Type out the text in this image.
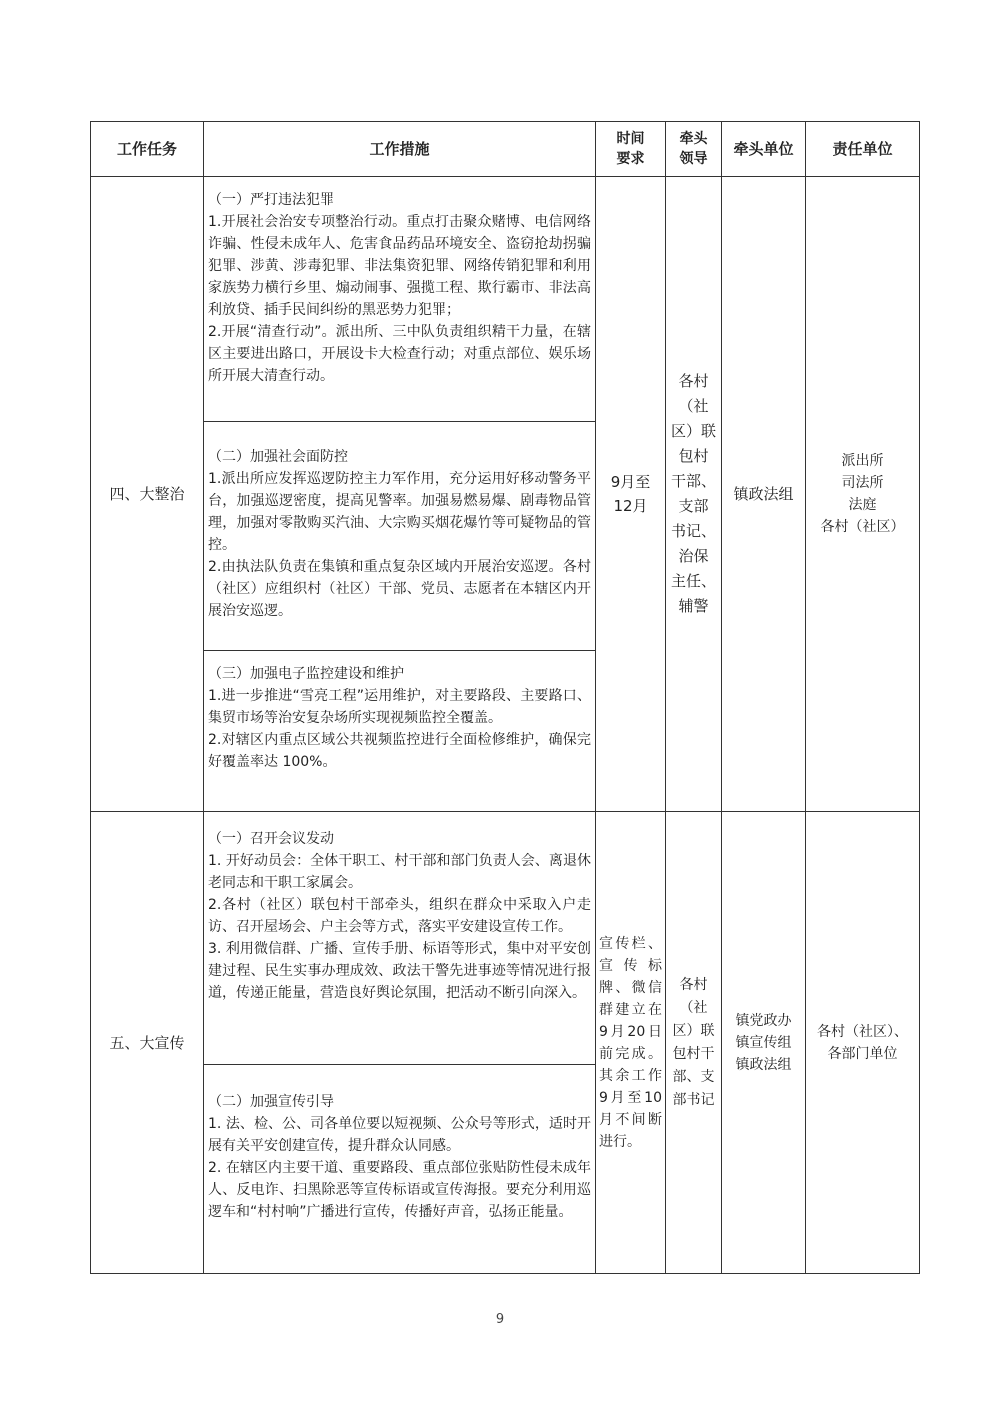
工作任务	工作措施
时间
要求
牵头
领导
牵头单位	责任单位
四、大整治
（一）严打违法犯罪
1.开展社会治安专项整治行动。重点打击聚众赌博、电信网络诈骗、性侵未成年人、危害食品药品环境安全、盗窃抢劫拐骗犯罪、涉黄、涉毒犯罪、非法集资犯罪、网络传销犯罪和利用家族势力横行乡里、煽动闹事、强揽工程、欺行霸市、非法高利放贷、插手民间纠纷的黑恶势力犯罪；
2.开展“清查行动”。派出所、三中队负责组织精干力量，在辖区主要进出路口，开展设卡大检查行动；对重点部位、娱乐场所开展大清查行动。
（二）加强社会面防控
1.派出所应发挥巡逻防控主力军作用，充分运用好移动警务平台，加强巡逻密度，提高见警率。加强易燃易爆、剧毒物品管理，加强对零散购买汽油、大宗购买烟花爆竹等可疑物品的管控。
2.由执法队负责在集镇和重点复杂区域内开展治安巡逻。各村（社区）应组织村（社区）干部、党员、志愿者在本辖区内开展治安巡逻。
（三）加强电子监控建设和维护
1.进一步推进“雪亮工程”运用维护，对主要路段、主要路口、集贸市场等治安复杂场所实现视频监控全覆盖。
2.对辖区内重点区域公共视频监控进行全面检修维护，确保完好覆盖率达 100%。
9月至
12月
各村
（社
区）联
包村
干部、
支部
书记、
治保
主任、
辅警
镇政法组
派出所
司法所
法庭
各村（社区）
五、大宣传
（一）召开会议发动
1. 开好动员会：全体干职工、村干部和部门负责人会、离退休老同志和干职工家属会。
2.各村（社区）联包村干部牵头，组织在群众中采取入户走访、召开屋场会、户主会等方式，落实平安建设宣传工作。
3. 利用微信群、广播、宣传手册、标语等形式，集中对平安创建过程、民生实事办理成效、政法干警先进事迹等情况进行报道，传递正能量，营造良好舆论氛围，把活动不断引向深入。
（二）加强宣传引导
1. 法、检、公、司各单位要以短视频、公众号等形式，适时开展有关平安创建宣传，提升群众认同感。
2. 在辖区内主要干道、重要路段、重点部位张贴防性侵未成年人、反电诈、扫黑除恶等宣传标语或宣传海报。要充分利用巡逻车和“村村响”广播进行宣传，传播好声音，弘扬正能量。
宣传栏、宣传标牌、微信群建立在9月20日前完成。其余工作9月至10月不间断进行。
各村
（社
区）联
包村干
部、支
部书记
镇党政办
镇宣传组
镇政法组
各村（社区）、
各部门单位
9
